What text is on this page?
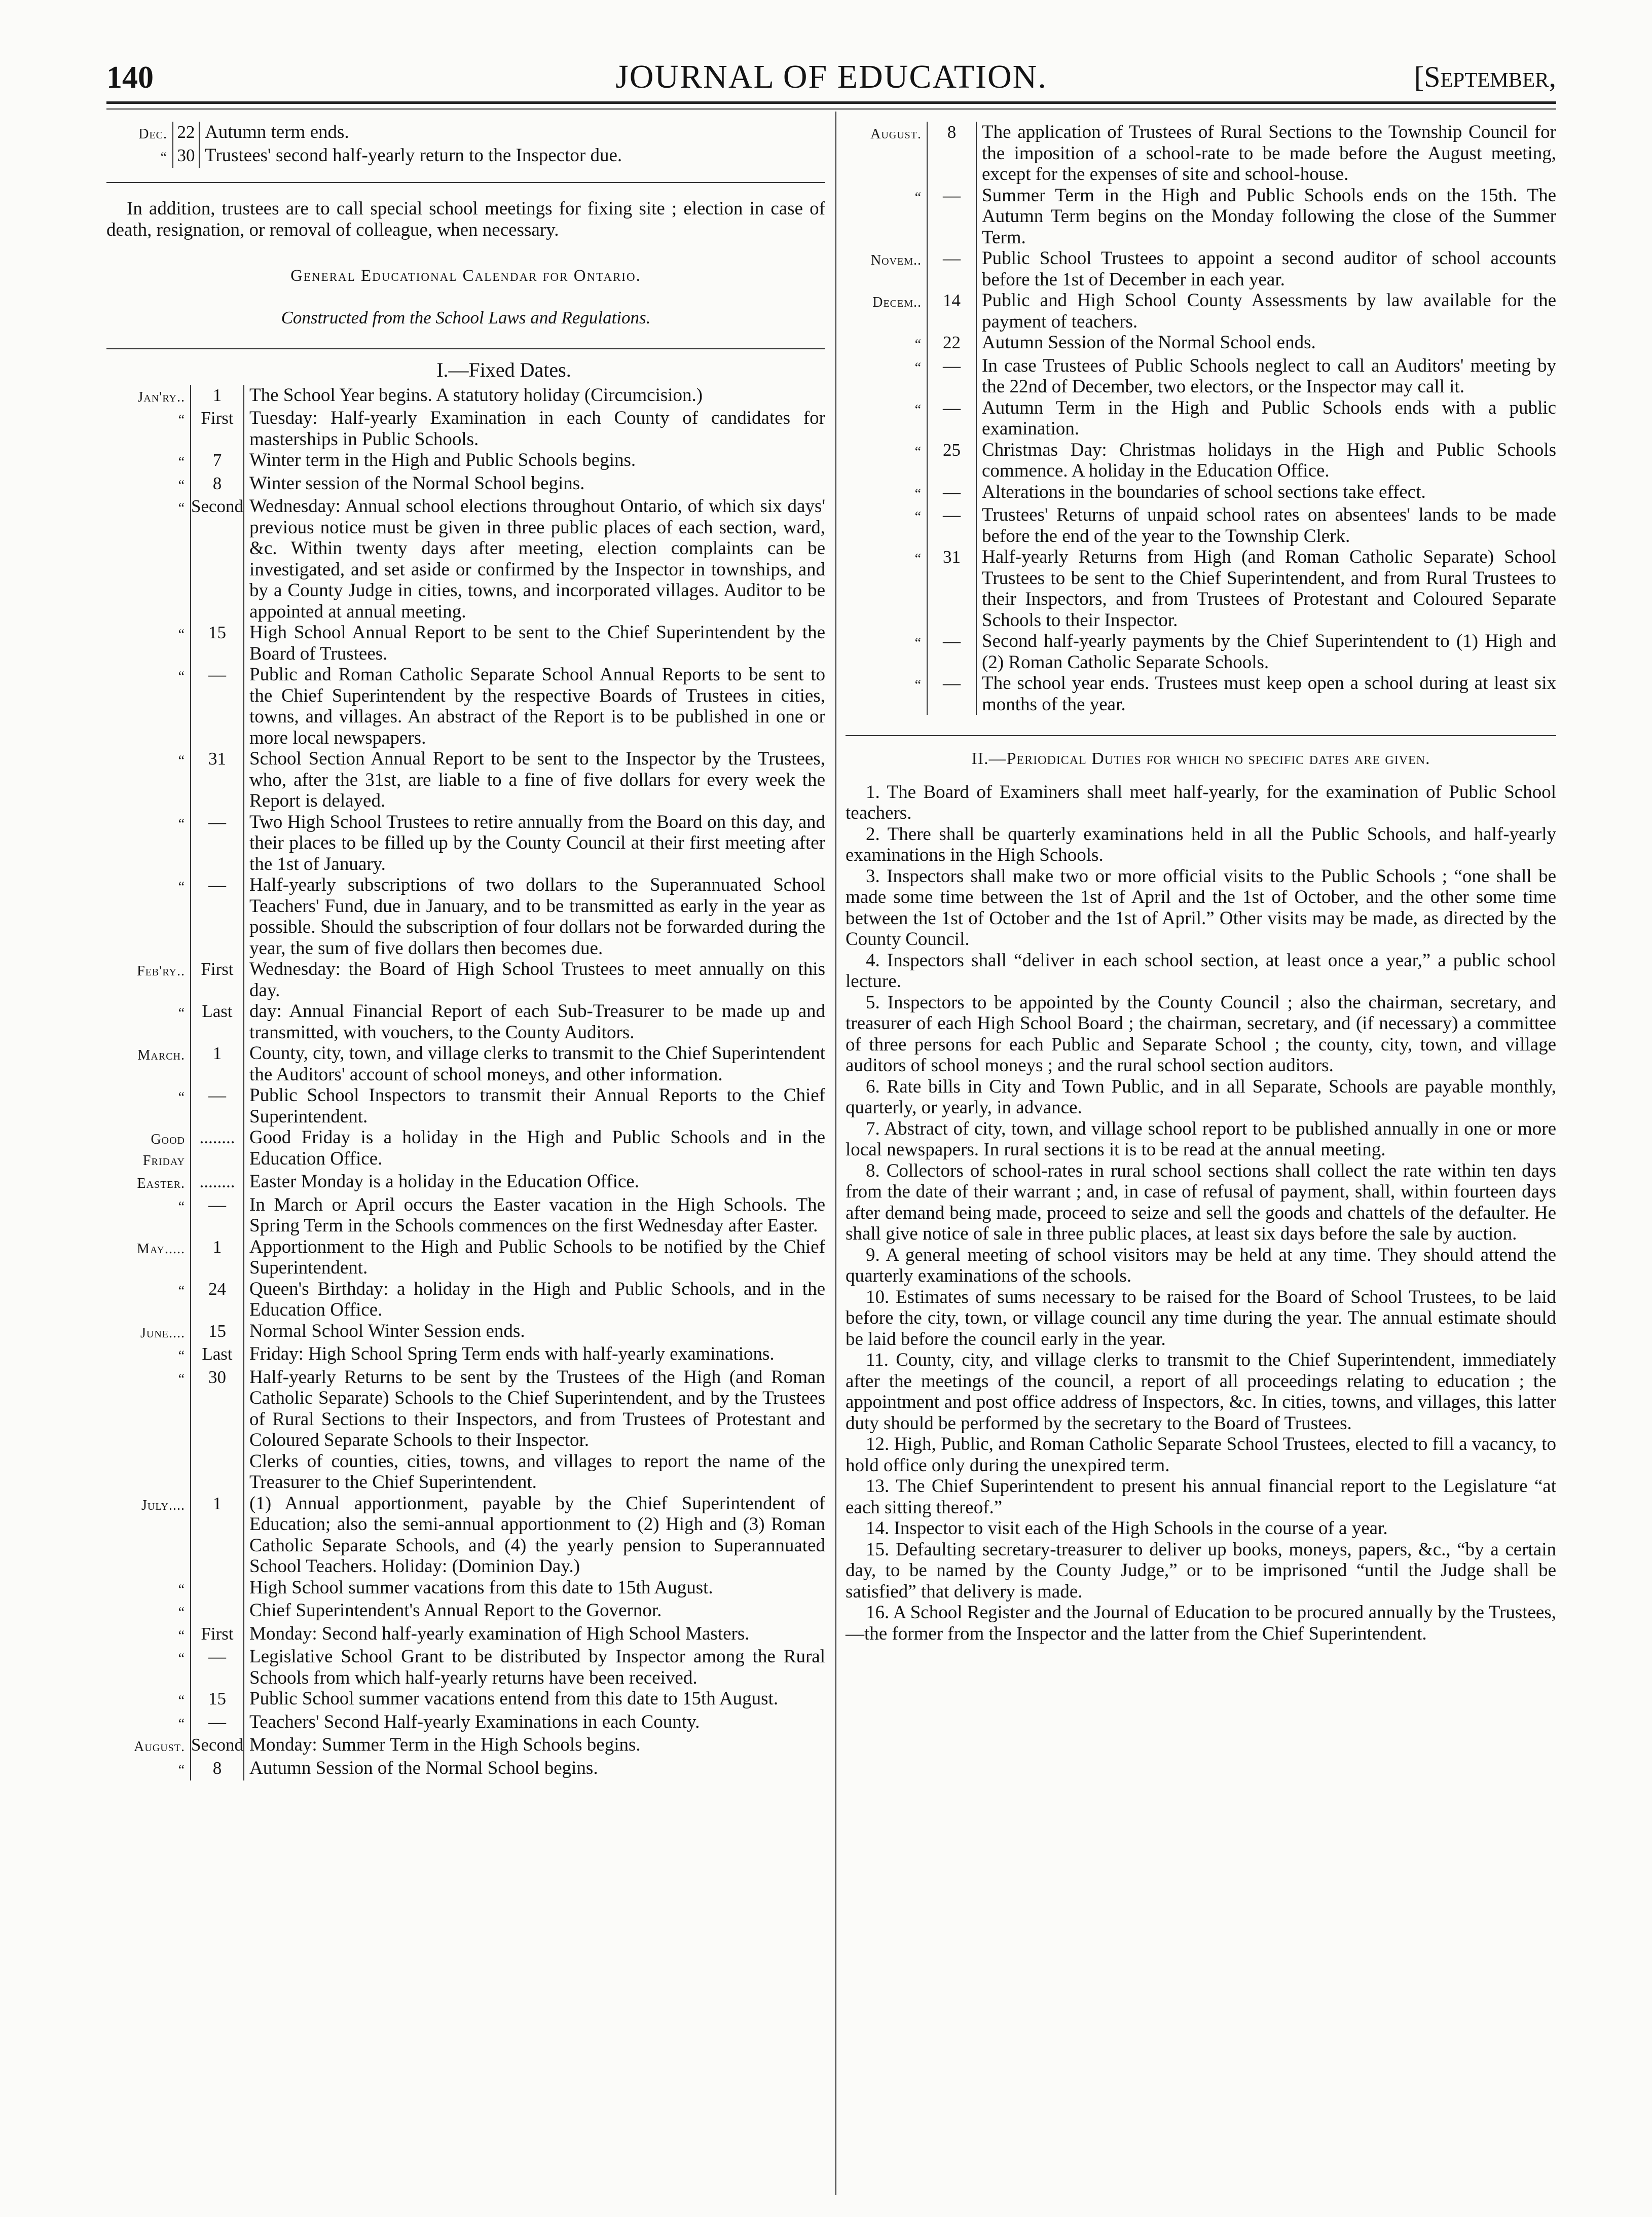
140	JOURNAL OF EDUCATION.	[September,
Dec.	22	Autumn term ends.
“	30	Trustees' second half-yearly return to the Inspector due.

In addition, trustees are to call special school meetings for fixing site ; election in case of death, resignation, or removal of colleague, when necessary.

General Educational Calendar for Ontario.
Constructed from the School Laws and Regulations.
I.—Fixed Dates.
Jan'ry..	1	The School Year begins. A statutory holiday (Circumcision.)
“	First	Tuesday: Half-yearly Examination in each County of candidates for masterships in Public Schools.
“	7	Winter term in the High and Public Schools begins.
“	8	Winter session of the Normal School begins.
“	Second	Wednesday: Annual school elections throughout Ontario, of which six days' previous notice must be given in three public places of each section, ward, &c. Within twenty days after meeting, election complaints can be investigated, and set aside or confirmed by the Inspector in townships, and by a County Judge in cities, towns, and incorporated villages. Auditor to be appointed at annual meeting.
“	15	High School Annual Report to be sent to the Chief Superintendent by the Board of Trustees.
“	—	Public and Roman Catholic Separate School Annual Reports to be sent to the Chief Superintendent by the respective Boards of Trustees in cities, towns, and villages. An abstract of the Report is to be published in one or more local newspapers.
“	31	School Section Annual Report to be sent to the Inspector by the Trustees, who, after the 31st, are liable to a fine of five dollars for every week the Report is delayed.
“	—	Two High School Trustees to retire annually from the Board on this day, and their places to be filled up by the County Council at their first meeting after the 1st of January.
“	—	Half-yearly subscriptions of two dollars to the Superannuated School Teachers' Fund, due in January, and to be transmitted as early in the year as possible. Should the subscription of four dollars not be forwarded during the year, the sum of five dollars then becomes due.
Feb'ry..	First	Wednesday: the Board of High School Trustees to meet annually on this day.
“	Last	day: Annual Financial Report of each Sub-Treasurer to be made up and transmitted, with vouchers, to the County Auditors.
March.	1	County, city, town, and village clerks to transmit to the Chief Superintendent the Auditors' account of school moneys, and other information.
“	—	Public School Inspectors to transmit their Annual Reports to the Chief Superintendent.
Good Friday	........	Good Friday is a holiday in the High and Public Schools and in the Education Office.
Easter.	........	Easter Monday is a holiday in the Education Office.
“	—	In March or April occurs the Easter vacation in the High Schools. The Spring Term in the Schools commences on the first Wednesday after Easter.
May.....	1	Apportionment to the High and Public Schools to be notified by the Chief Superintendent.
“	24	Queen's Birthday: a holiday in the High and Public Schools, and in the Education Office.
June....	15	Normal School Winter Session ends.
“	Last	Friday: High School Spring Term ends with half-yearly examinations.
“	30	Half-yearly Returns to be sent by the Trustees of the High (and Roman Catholic Separate) Schools to the Chief Superintendent, and by the Trustees of Rural Sections to their Inspectors, and from Trustees of Protestant and Coloured Separate Schools to their Inspector.
		Clerks of counties, cities, towns, and villages to report the name of the Treasurer to the Chief Superintendent.
July....	1	(1) Annual apportionment, payable by the Chief Superintendent of Education; also the semi-annual apportionment to (2) High and (3) Roman Catholic Separate Schools, and (4) the yearly pension to Superannuated School Teachers. Holiday: (Dominion Day.)
“		High School summer vacations from this date to 15th August.
“		Chief Superintendent's Annual Report to the Governor.
“	First	Monday: Second half-yearly examination of High School Masters.
“	—	Legislative School Grant to be distributed by Inspector among the Rural Schools from which half-yearly returns have been received.
“	15	Public School summer vacations entend from this date to 15th August.
“	—	Teachers' Second Half-yearly Examinations in each County.
August.	Second	Monday: Summer Term in the High Schools begins.
“	8	Autumn Session of the Normal School begins.
August.	8	The application of Trustees of Rural Sections to the Township Council for the imposition of a school-rate to be made before the August meeting, except for the expenses of site and school-house.
“	—	Summer Term in the High and Public Schools ends on the 15th. The Autumn Term begins on the Monday following the close of the Summer Term.
Novem..	—	Public School Trustees to appoint a second auditor of school accounts before the 1st of December in each year.
Decem..	14	Public and High School County Assessments by law available for the payment of teachers.
“	22	Autumn Session of the Normal School ends.
“	—	In case Trustees of Public Schools neglect to call an Auditors' meeting by the 22nd of December, two electors, or the Inspector may call it.
“	—	Autumn Term in the High and Public Schools ends with a public examination.
“	25	Christmas Day: Christmas holidays in the High and Public Schools commence. A holiday in the Education Office.
“	—	Alterations in the boundaries of school sections take effect.
“	—	Trustees' Returns of unpaid school rates on absentees' lands to be made before the end of the year to the Township Clerk.
“	31	Half-yearly Returns from High (and Roman Catholic Separate) School Trustees to be sent to the Chief Superintendent, and from Rural Trustees to their Inspectors, and from Trustees of Protestant and Coloured Separate Schools to their Inspector.
“	—	Second half-yearly payments by the Chief Superintendent to (1) High and (2) Roman Catholic Separate Schools.
“	—	The school year ends. Trustees must keep open a school during at least six months of the year.
II.—Periodical Duties for which no specific dates are given.

1. The Board of Examiners shall meet half-yearly, for the examination of Public School teachers.

2. There shall be quarterly examinations held in all the Public Schools, and half-yearly examinations in the High Schools.

3. Inspectors shall make two or more official visits to the Public Schools ; “one shall be made some time between the 1st of April and the 1st of October, and the other some time between the 1st of October and the 1st of April.” Other visits may be made, as directed by the County Council.

4. Inspectors shall “deliver in each school section, at least once a year,” a public school lecture.

5. Inspectors to be appointed by the County Council ; also the chairman, secretary, and treasurer of each High School Board ; the chairman, secretary, and (if necessary) a committee of three persons for each Public and Separate School ; the county, city, town, and village auditors of school moneys ; and the rural school section auditors.

6. Rate bills in City and Town Public, and in all Separate, Schools are payable monthly, quarterly, or yearly, in advance.

7. Abstract of city, town, and village school report to be published annually in one or more local newspapers. In rural sections it is to be read at the annual meeting.

8. Collectors of school-rates in rural school sections shall collect the rate within ten days from the date of their warrant ; and, in case of refusal of payment, shall, within fourteen days after demand being made, proceed to seize and sell the goods and chattels of the defaulter. He shall give notice of sale in three public places, at least six days before the sale by auction.

9. A general meeting of school visitors may be held at any time. They should attend the quarterly examinations of the schools.

10. Estimates of sums necessary to be raised for the Board of School Trustees, to be laid before the city, town, or village council any time during the year. The annual estimate should be laid before the council early in the year.

11. County, city, and village clerks to transmit to the Chief Superintendent, immediately after the meetings of the council, a report of all proceedings relating to education ; the appointment and post office address of Inspectors, &c. In cities, towns, and villages, this latter duty should be performed by the secretary to the Board of Trustees.

12. High, Public, and Roman Catholic Separate School Trustees, elected to fill a vacancy, to hold office only during the unexpired term.

13. The Chief Superintendent to present his annual financial report to the Legislature “at each sitting thereof.”

14. Inspector to visit each of the High Schools in the course of a year.

15. Defaulting secretary-treasurer to deliver up books, moneys, papers, &c., “by a certain day, to be named by the County Judge,” or to be imprisoned “until the Judge shall be satisfied” that delivery is made.

16. A School Register and the Journal of Education to be procured annually by the Trustees,—the former from the Inspector and the latter from the Chief Superintendent.
